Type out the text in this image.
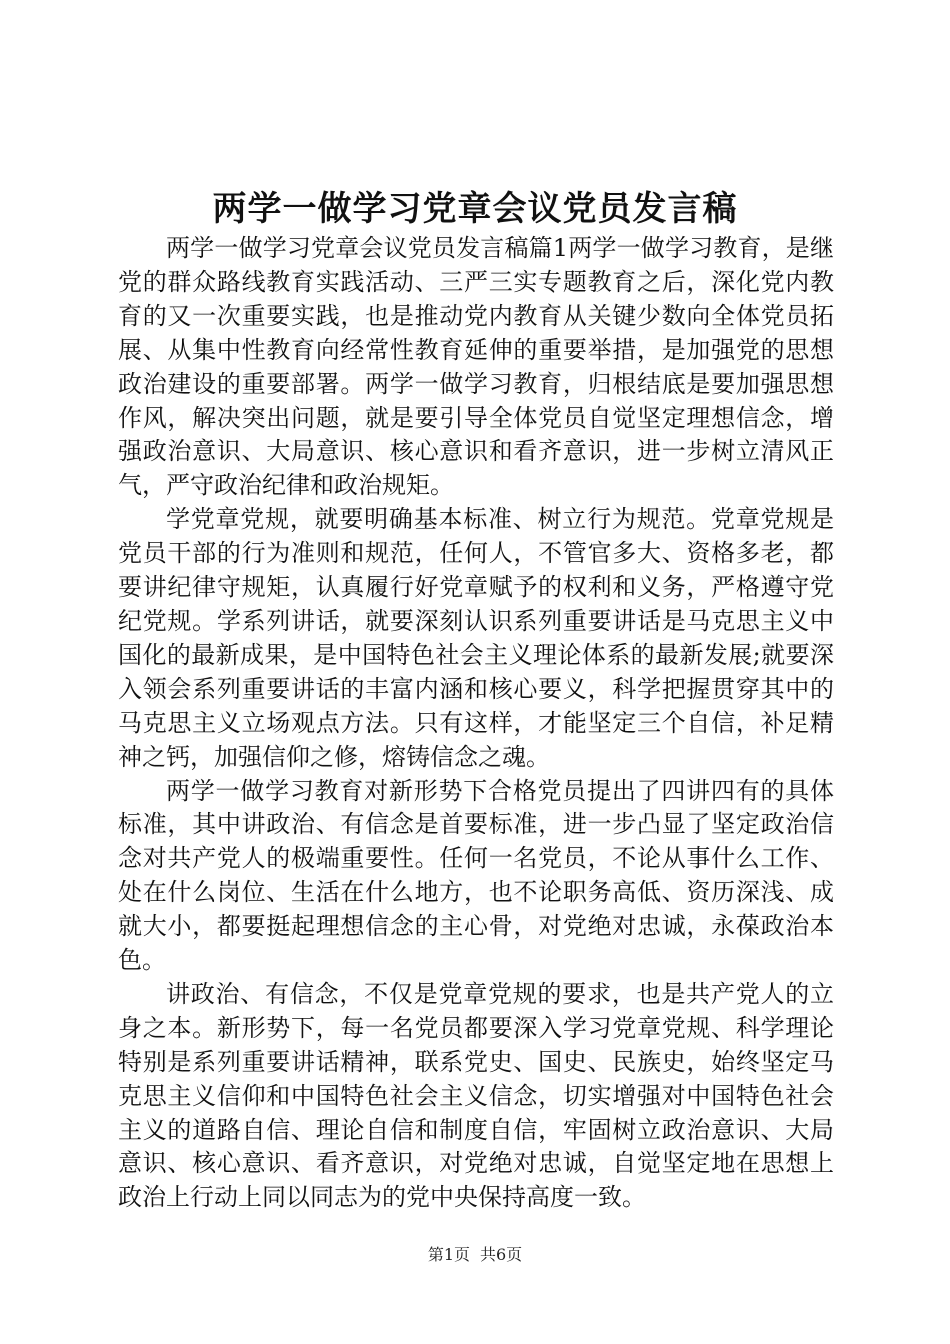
两学一做学习党章会议党员发言稿

两学一做学习党章会议党员发言稿篇1两学一做学习教育，是继党的群众路线教育实践活动、三严三实专题教育之后，深化党内教育的又一次重要实践，也是推动党内教育从关键少数向全体党员拓展、从集中性教育向经常性教育延伸的重要举措，是加强党的思想政治建设的重要部署。两学一做学习教育，归根结底是要加强思想作风，解决突出问题，就是要引导全体党员自觉坚定理想信念，增强政治意识、大局意识、核心意识和看齐意识，进一步树立清风正气，严守政治纪律和政治规矩。

学党章党规，就要明确基本标准、树立行为规范。党章党规是党员干部的行为准则和规范，任何人，不管官多大、资格多老，都要讲纪律守规矩，认真履行好党章赋予的权利和义务，严格遵守党纪党规。学系列讲话，就要深刻认识系列重要讲话是马克思主义中国化的最新成果，是中国特色社会主义理论体系的最新发展;就要深入领会系列重要讲话的丰富内涵和核心要义，科学把握贯穿其中的马克思主义立场观点方法。只有这样，才能坚定三个自信，补足精神之钙，加强信仰之修，熔铸信念之魂。

两学一做学习教育对新形势下合格党员提出了四讲四有的具体标准，其中讲政治、有信念是首要标准，进一步凸显了坚定政治信念对共产党人的极端重要性。任何一名党员，不论从事什么工作、处在什么岗位、生活在什么地方，也不论职务高低、资历深浅、成就大小，都要挺起理想信念的主心骨，对党绝对忠诚，永葆政治本色。

讲政治、有信念，不仅是党章党规的要求，也是共产党人的立身之本。新形势下，每一名党员都要深入学习党章党规、科学理论特别是系列重要讲话精神，联系党史、国史、民族史，始终坚定马克思主义信仰和中国特色社会主义信念，切实增强对中国特色社会主义的道路自信、理论自信和制度自信，牢固树立政治意识、大局意识、核心意识、看齐意识，对党绝对忠诚，自觉坚定地在思想上政治上行动上同以同志为的党中央保持高度一致。

第1页 共6页
